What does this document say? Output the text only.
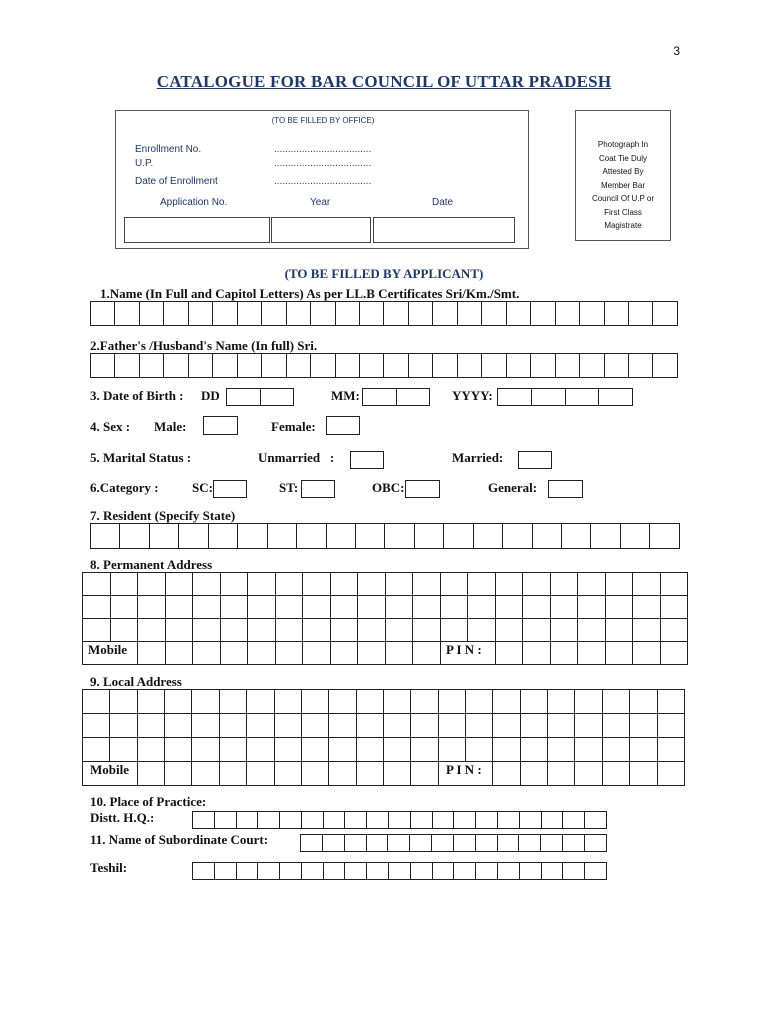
3
CATALOGUE FOR BAR COUNCIL OF UTTAR PRADESH
(TO BE FILLED BY OFFICE)
Enrollment No.	...................................
U.P.	...................................
Date of Enrollment	...................................
Application No.	Year	Date
Photograph In
Coat Tie Duly
Attested By
Member Bar
Council Of U.P or
First Class
Magistrate
(TO BE FILLED BY APPLICANT)
1.Name (In Full and Capitol Letters) As per LL.B Certificates Sri/Km./Smt.
2.Father's /Husband's Name (In full) Sri.
3. Date of Birth : DD	MM:	YYYY:
4. Sex : Male:	Female:
5. Marital Status :	Unmarried   :	Married:
6.Category :	SC:	ST:	OBC:	General:
7. Resident (Specify State)
8. Permanent Address
Mobile	P I N :
9. Local Address
Mobile	P I N :
10. Place of Practice:
Distt. H.Q.:
11. Name of Subordinate Court:
Teshil:
